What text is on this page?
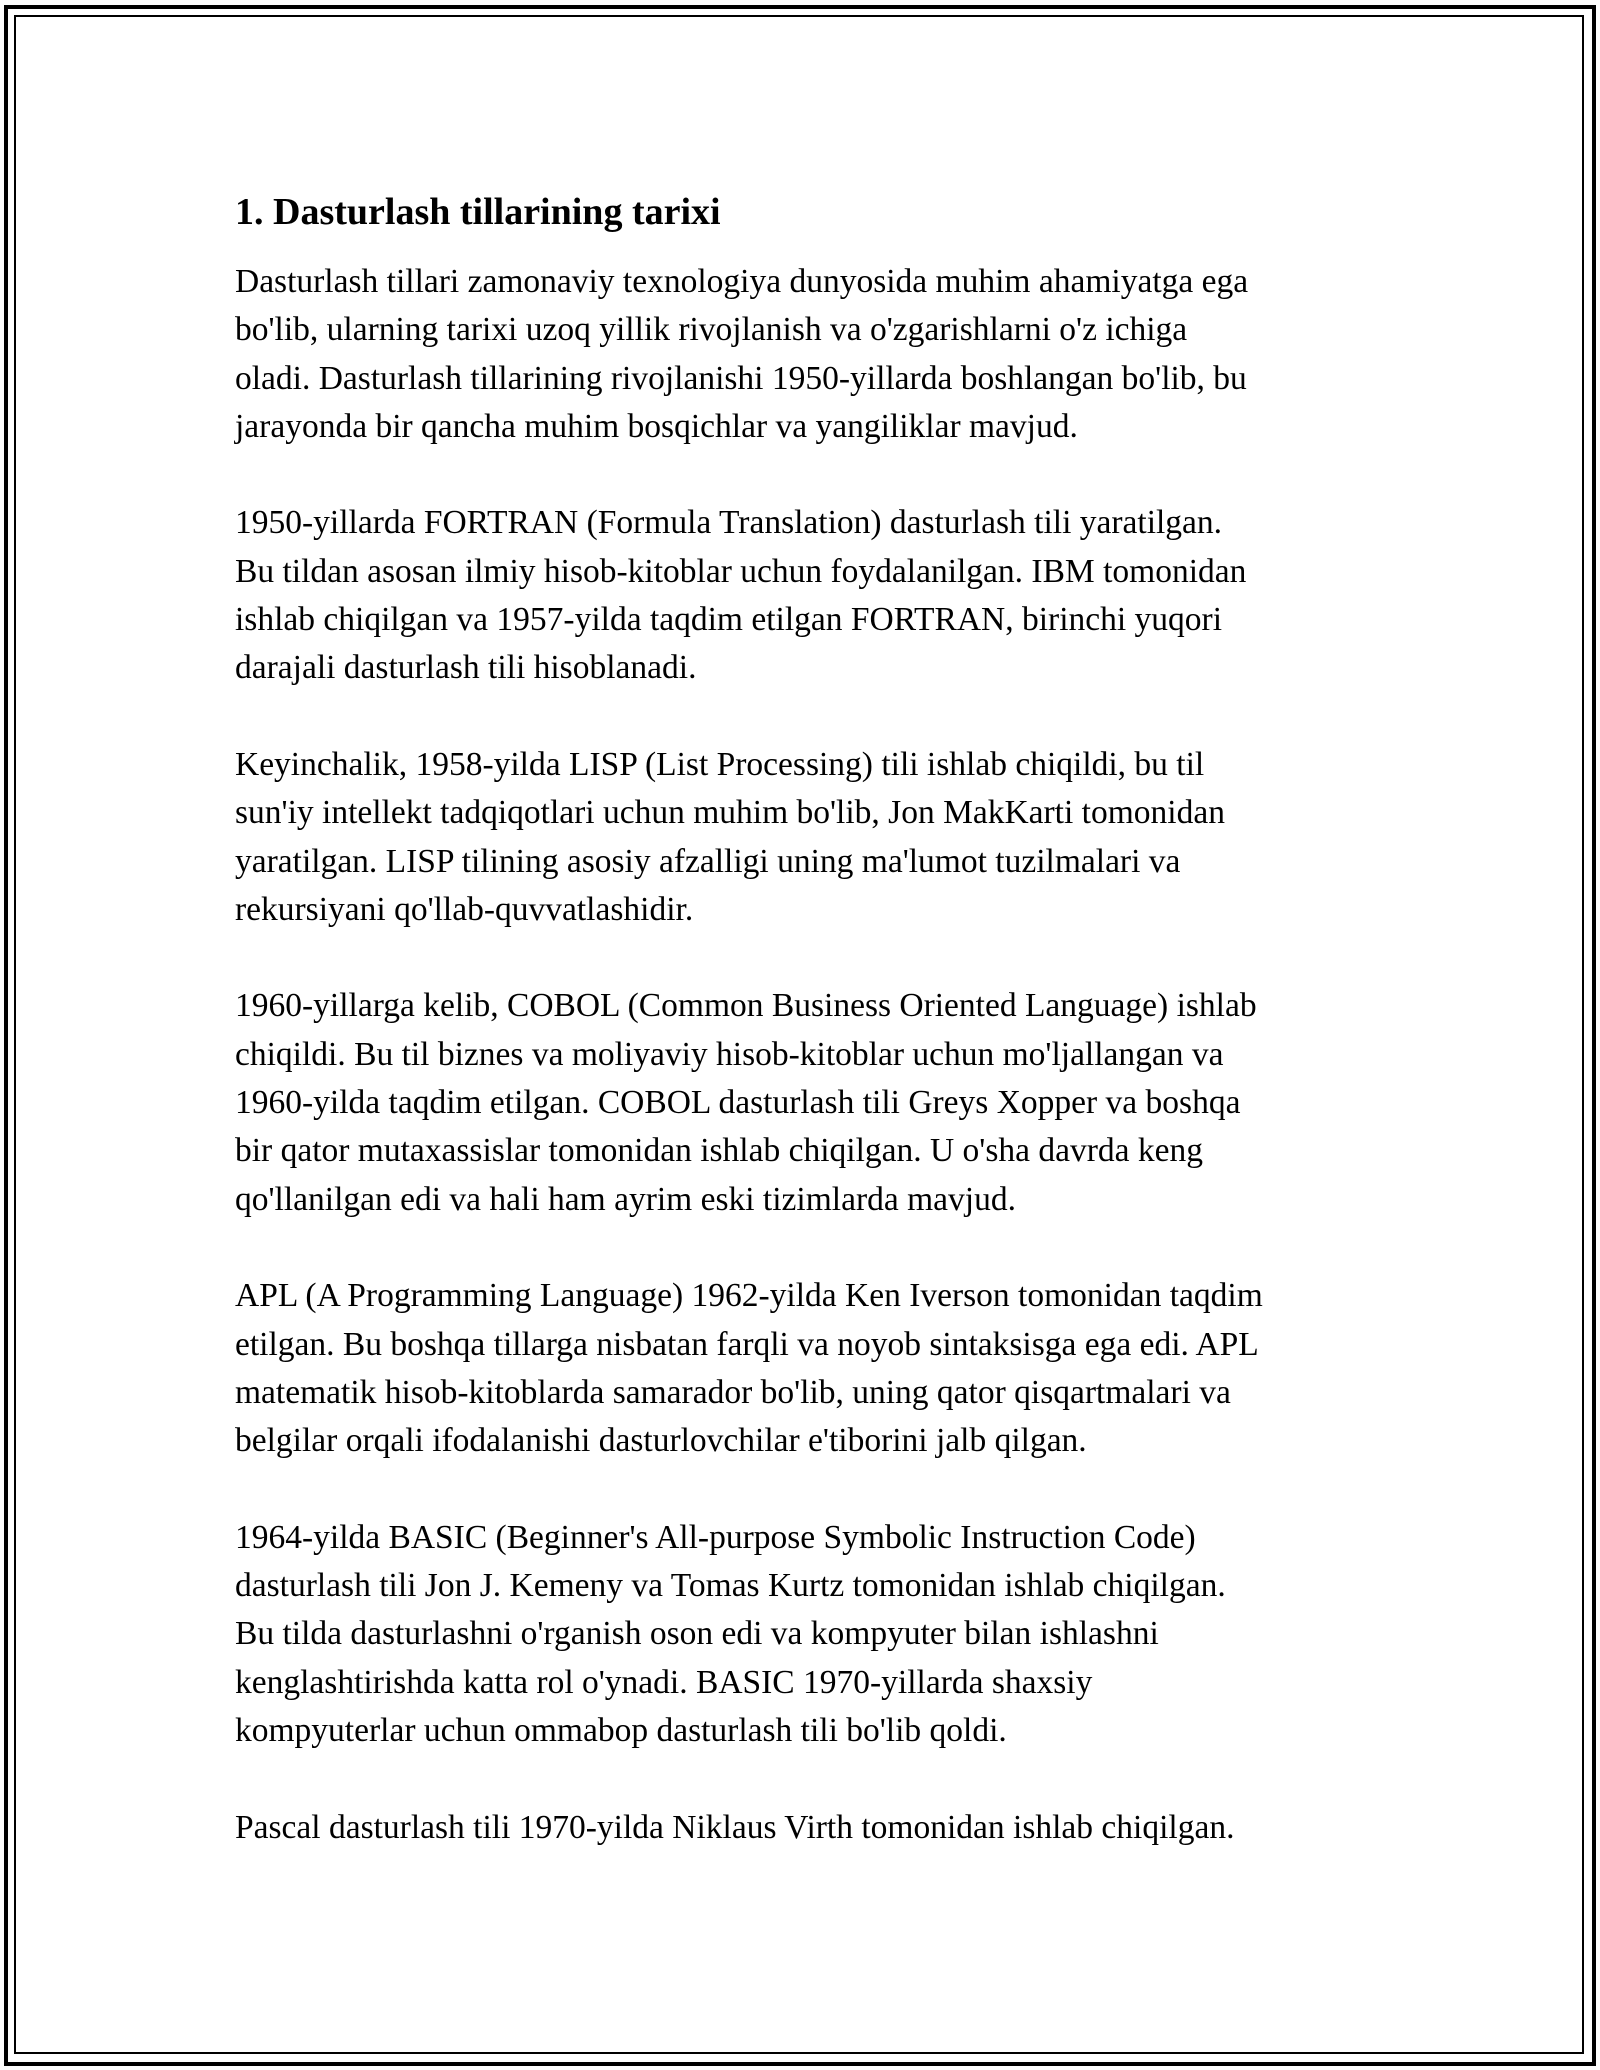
1. Dasturlash tillarining tarixi

Dasturlash tillari zamonaviy texnologiya dunyosida muhim ahamiyatga ega
bo'lib, ularning tarixi uzoq yillik rivojlanish va o'zgarishlarni o'z ichiga
oladi. Dasturlash tillarining rivojlanishi 1950-yillarda boshlangan bo'lib, bu
jarayonda bir qancha muhim bosqichlar va yangiliklar mavjud.

1950-yillarda FORTRAN (Formula Translation) dasturlash tili yaratilgan.
Bu tildan asosan ilmiy hisob-kitoblar uchun foydalanilgan. IBM tomonidan
ishlab chiqilgan va 1957-yilda taqdim etilgan FORTRAN, birinchi yuqori
darajali dasturlash tili hisoblanadi.

Keyinchalik, 1958-yilda LISP (List Processing) tili ishlab chiqildi, bu til
sun'iy intellekt tadqiqotlari uchun muhim bo'lib, Jon MakKarti tomonidan
yaratilgan. LISP tilining asosiy afzalligi uning ma'lumot tuzilmalari va
rekursiyani qo'llab-quvvatlashidir.

1960-yillarga kelib, COBOL (Common Business Oriented Language) ishlab
chiqildi. Bu til biznes va moliyaviy hisob-kitoblar uchun mo'ljallangan va
1960-yilda taqdim etilgan. COBOL dasturlash tili Greys Xopper va boshqa
bir qator mutaxassislar tomonidan ishlab chiqilgan. U o'sha davrda keng
qo'llanilgan edi va hali ham ayrim eski tizimlarda mavjud.

APL (A Programming Language) 1962-yilda Ken Iverson tomonidan taqdim
etilgan. Bu boshqa tillarga nisbatan farqli va noyob sintaksisga ega edi. APL
matematik hisob-kitoblarda samarador bo'lib, uning qator qisqartmalari va
belgilar orqali ifodalanishi dasturlovchilar e'tiborini jalb qilgan.

1964-yilda BASIC (Beginner's All-purpose Symbolic Instruction Code)
dasturlash tili Jon J. Kemeny va Tomas Kurtz tomonidan ishlab chiqilgan.
Bu tilda dasturlashni o'rganish oson edi va kompyuter bilan ishlashni
kenglashtirishda katta rol o'ynadi. BASIC 1970-yillarda shaxsiy
kompyuterlar uchun ommabop dasturlash tili bo'lib qoldi.

Pascal dasturlash tili 1970-yilda Niklaus Virth tomonidan ishlab chiqilgan.
